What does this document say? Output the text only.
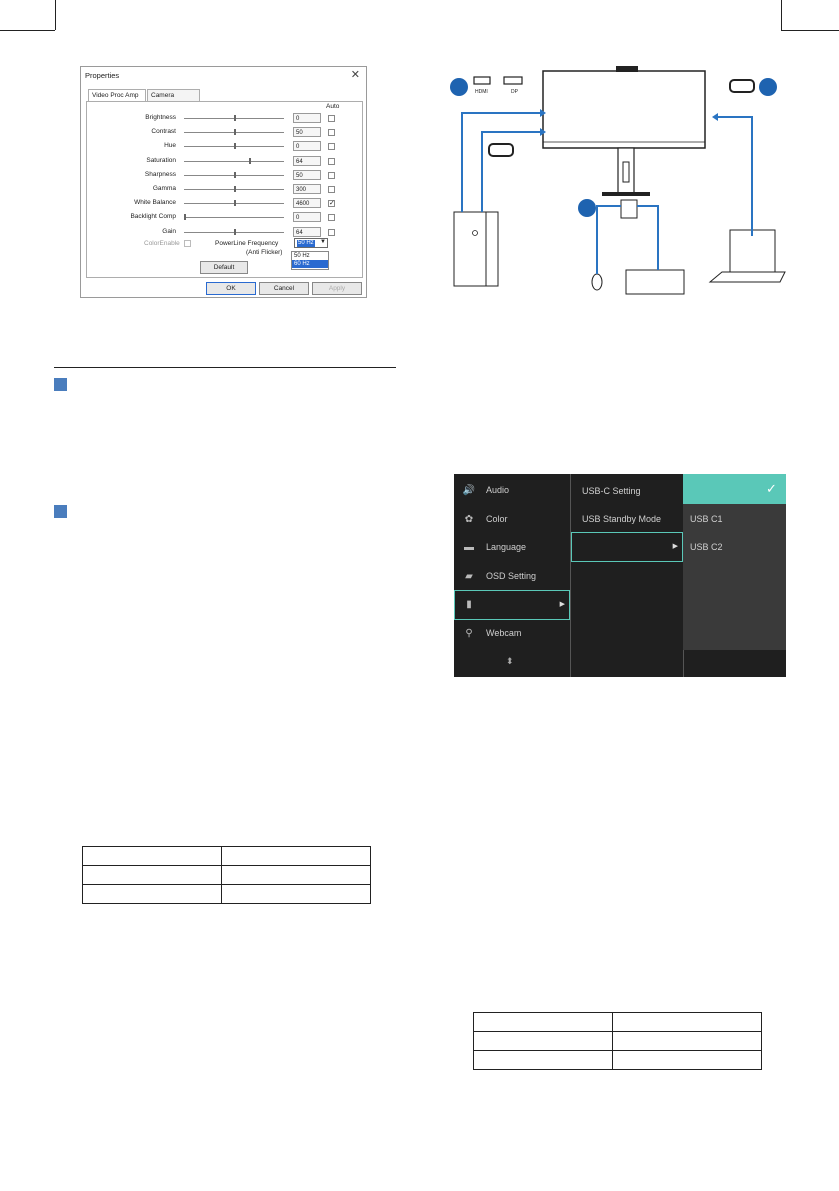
Properties	✕
Video Proc Amp	Camera
Auto
Brightness	0
Contrast	50
Hue	0
Saturation	64
Sharpness	50
Gamma	300
White Balance	4600	✓
Backlight Comp	0
Gain	64
ColorEnable	PowerLine Frequency
(Anti Flicker)
50 Hz ▼
50 Hz
60 Hz
Default
OK	Cancel	Apply

HDMI	DP
🔊 Audio
✿ Color
▬ Language
▰ OSD Setting
▮
⚲ Webcam
✓
USB C1
USB C2
USB-C Setting
USB Standby Mode
▶
▶
⬍
